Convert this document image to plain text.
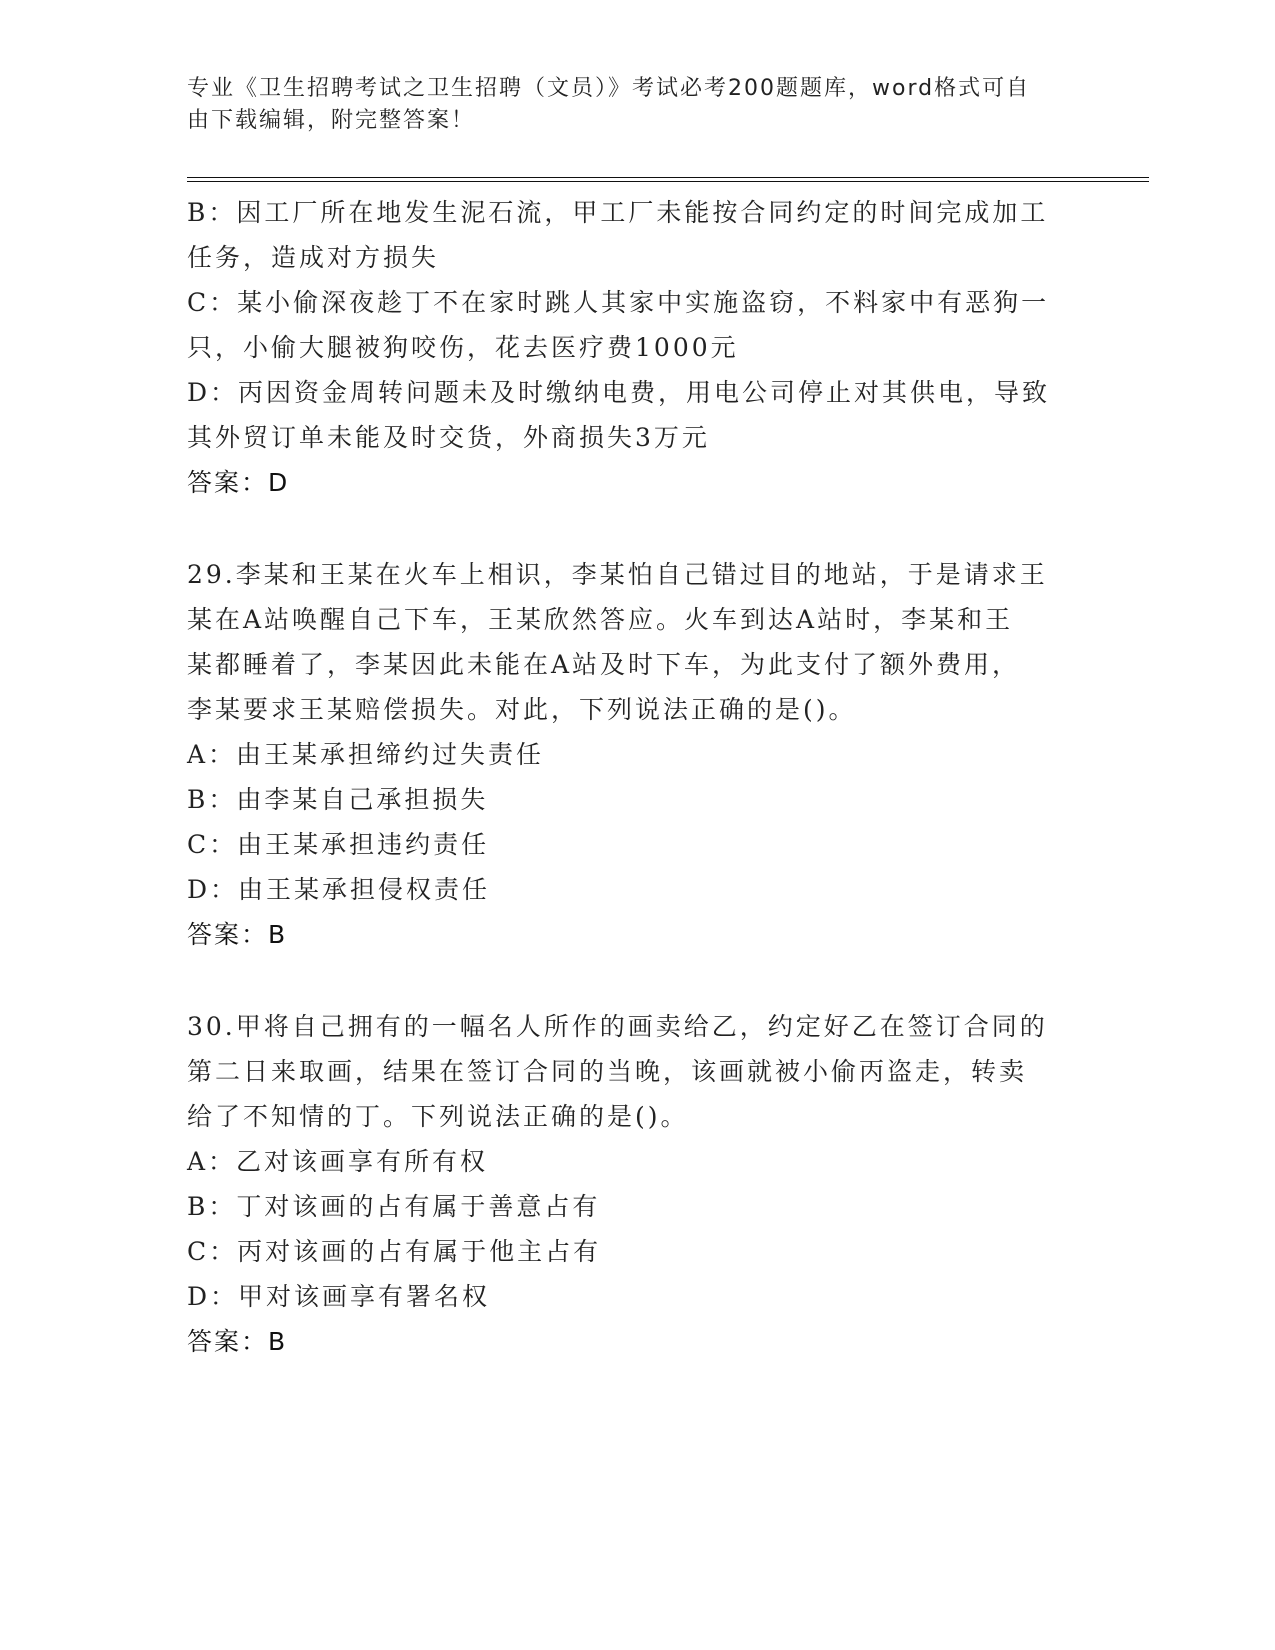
专业《卫生招聘考试之卫生招聘（文员）》考试必考200题题库，word格式可自
由下载编辑，附完整答案！
B：因工厂所在地发生泥石流，甲工厂未能按合同约定的时间完成加工
任务，造成对方损失
C：某小偷深夜趁丁不在家时跳人其家中实施盗窃，不料家中有恶狗一
只，小偷大腿被狗咬伤，花去医疗费1000元
D：丙因资金周转问题未及时缴纳电费，用电公司停止对其供电，导致
其外贸订单未能及时交货，外商损失3万元
答案：D
29.李某和王某在火车上相识，李某怕自己错过目的地站，于是请求王
某在A站唤醒自己下车，王某欣然答应。火车到达A站时，李某和王
某都睡着了，李某因此未能在A站及时下车，为此支付了额外费用，
李某要求王某赔偿损失。对此，下列说法正确的是()。
A：由王某承担缔约过失责任
B：由李某自己承担损失
C：由王某承担违约责任
D：由王某承担侵权责任
答案：B
30.甲将自己拥有的一幅名人所作的画卖给乙，约定好乙在签订合同的
第二日来取画，结果在签订合同的当晚，该画就被小偷丙盗走，转卖
给了不知情的丁。下列说法正确的是()。
A：乙对该画享有所有权
B：丁对该画的占有属于善意占有
C：丙对该画的占有属于他主占有
D：甲对该画享有署名权
答案：B
